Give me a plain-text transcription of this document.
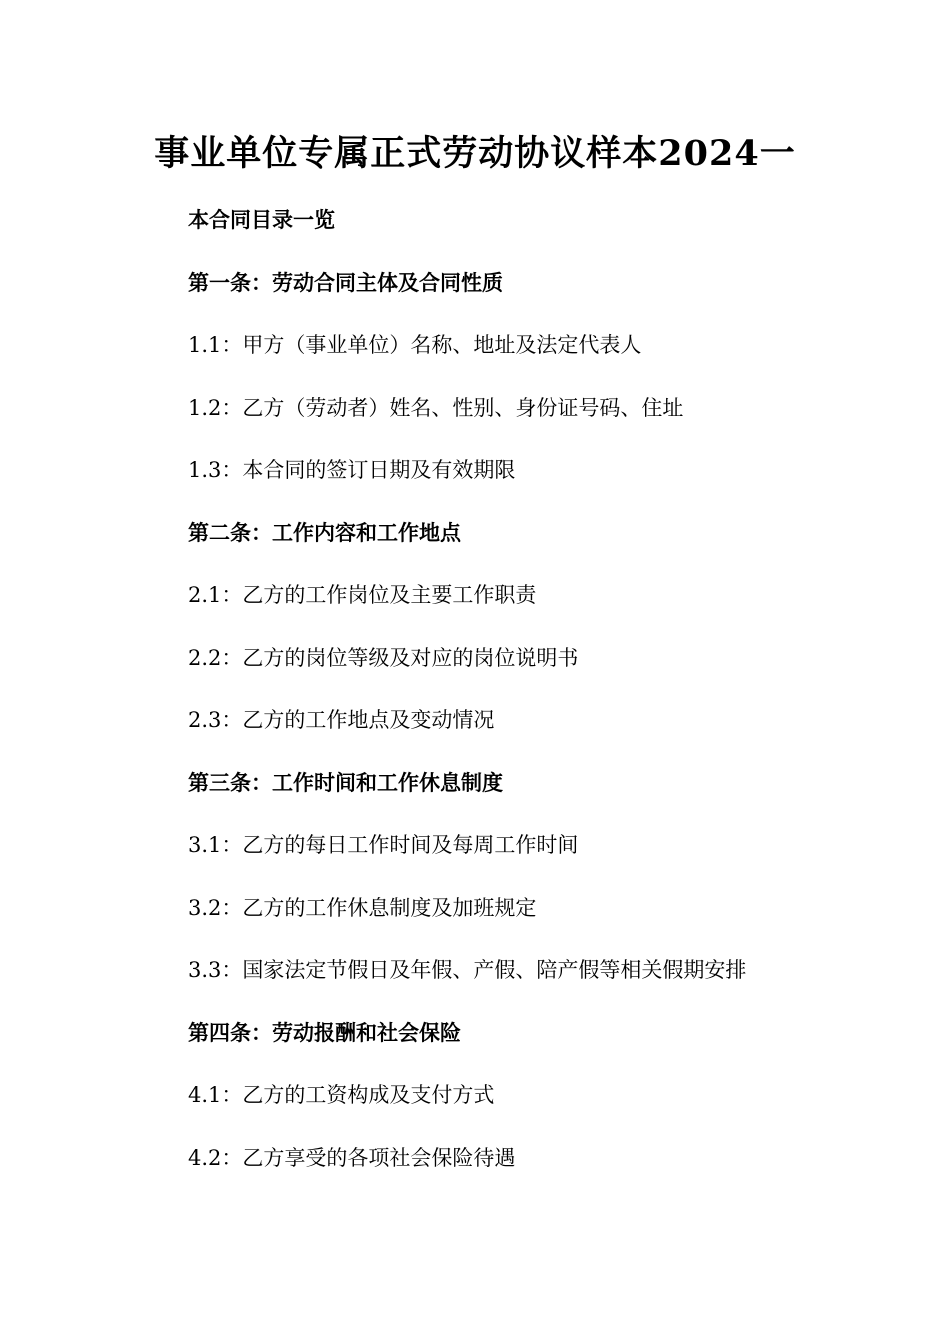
事业单位专属正式劳动协议样本2024一
本合同目录一览
第一条：劳动合同主体及合同性质
1.1：甲方（事业单位）名称、地址及法定代表人
1.2：乙方（劳动者）姓名、性别、身份证号码、住址
1.3：本合同的签订日期及有效期限
第二条：工作内容和工作地点
2.1：乙方的工作岗位及主要工作职责
2.2：乙方的岗位等级及对应的岗位说明书
2.3：乙方的工作地点及变动情况
第三条：工作时间和工作休息制度
3.1：乙方的每日工作时间及每周工作时间
3.2：乙方的工作休息制度及加班规定
3.3：国家法定节假日及年假、产假、陪产假等相关假期安排
第四条：劳动报酬和社会保险
4.1：乙方的工资构成及支付方式
4.2：乙方享受的各项社会保险待遇
